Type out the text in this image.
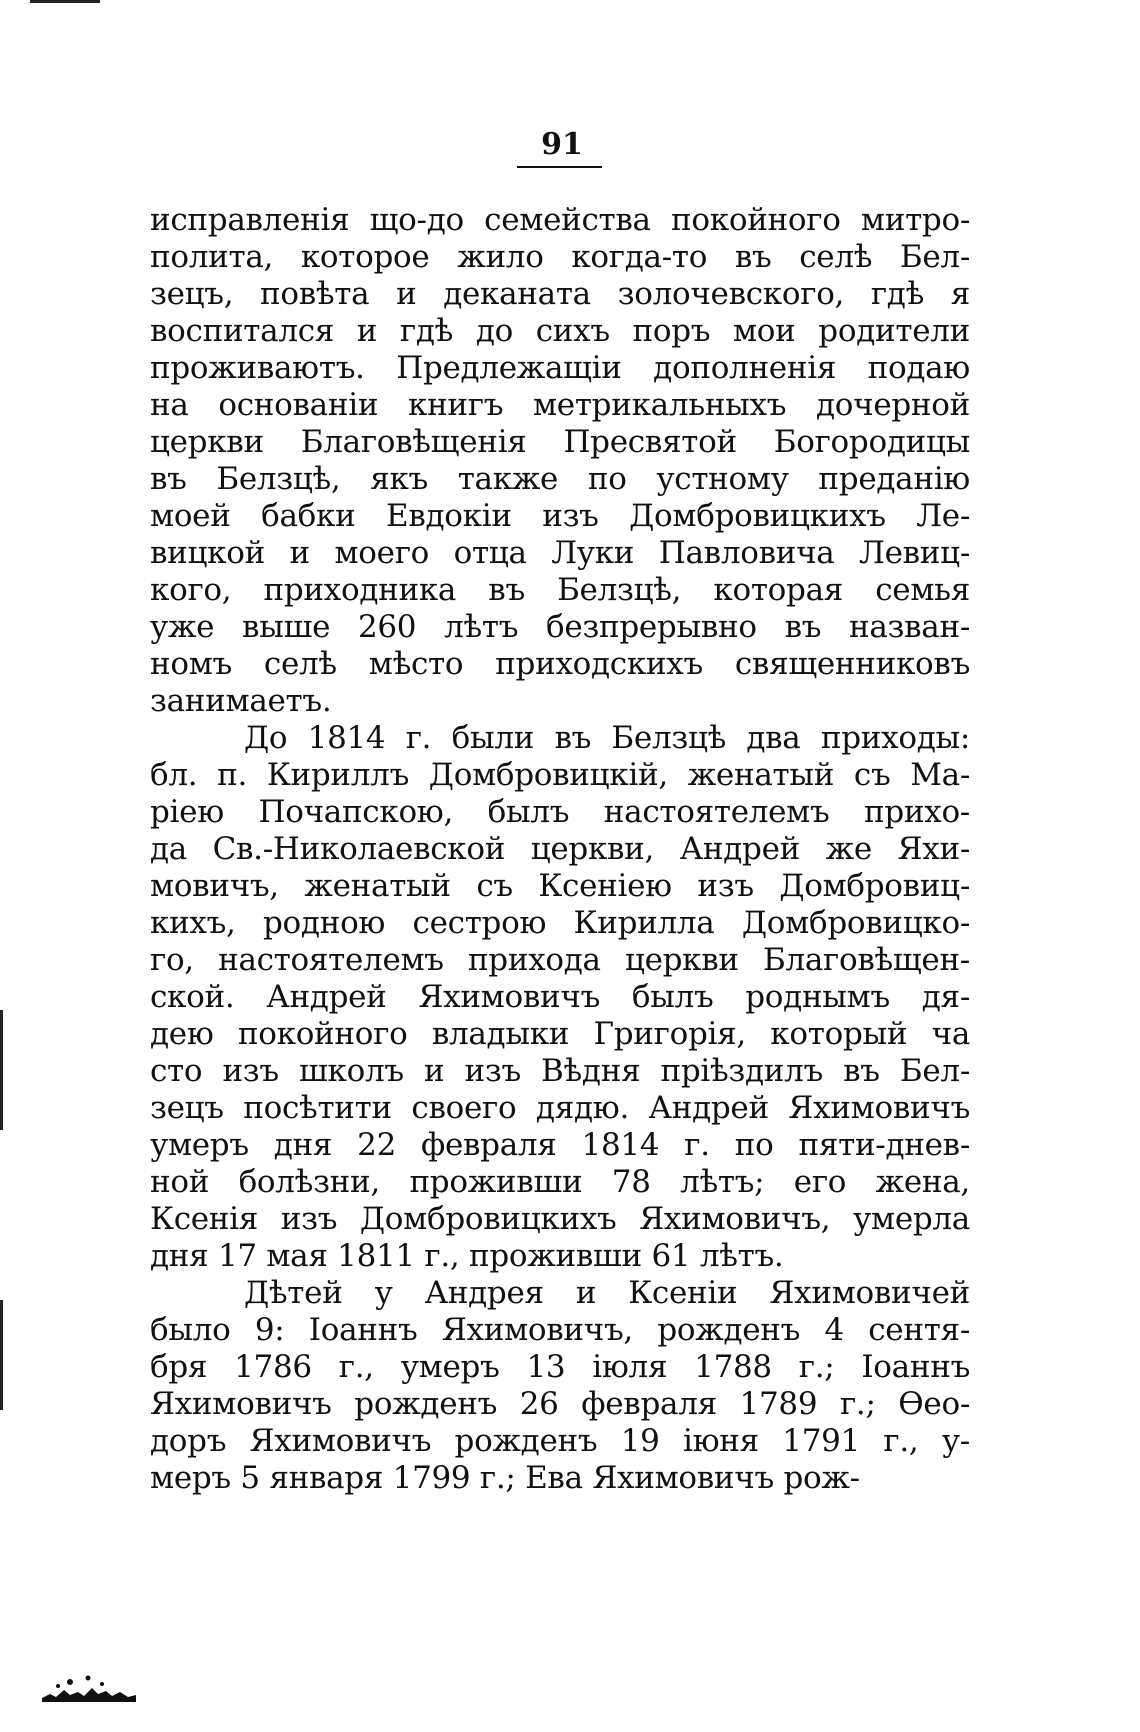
91
исправленія що-до семейства покойного митро-
полита, которое жило когда-то въ селѣ Бел-
зецъ, повѣта и деканата золочевского, гдѣ я
воспитался и гдѣ до сихъ поръ мои родители
проживаютъ. Предлежащіи дополненія подаю
на основаніи книгъ метрикальныхъ дочерной
церкви Благовѣщенія Пресвятой Богородицы
въ Белзцѣ, якъ также по устному преданію
моей бабки Евдокіи изъ Домбровицкихъ Ле-
вицкой и моего отца Луки Павловича Левиц-
кого, приходника въ Белзцѣ, которая семья
уже выше 260 лѣтъ безпрерывно въ назван-
номъ селѣ мѣсто приходскихъ священниковъ
занимаетъ.
До 1814 г. были въ Белзцѣ два приходы:
бл. п. Кириллъ Домбровицкій, женатый съ Ма-
ріею Почапскою, былъ настоятелемъ прихо-
да Св.-Николаевской церкви, Андрей же Яхи-
мовичъ, женатый съ Ксеніею изъ Домбровиц-
кихъ, родною сестрою Кирилла Домбровицко-
го, настоятелемъ прихода церкви Благовѣщен-
ской. Андрей Яхимовичъ былъ роднымъ дя-
дею покойного владыки Григорія, который ча
сто изъ школъ и изъ Вѣдня пріѣздилъ въ Бел-
зецъ посѣтити своего дядю. Андрей Яхимовичъ
умеръ дня 22 февраля 1814 г. по пяти-днев-
ной болѣзни, проживши 78 лѣтъ; его жена,
Ксенія изъ Домбровицкихъ Яхимовичъ, умерла
дня 17 мая 1811 г., проживши 61 лѣтъ.
Дѣтей у Андрея и Ксеніи Яхимовичей
было 9: Іоаннъ Яхимовичъ, рожденъ 4 сентя-
бря 1786 г., умеръ 13 іюля 1788 г.; Іоаннъ
Яхимовичъ рожденъ 26 февраля 1789 г.; Ѳео-
доръ Яхимовичъ рожденъ 19 іюня 1791 г., у-
меръ 5 января 1799 г.; Ева Яхимовичъ рож-
